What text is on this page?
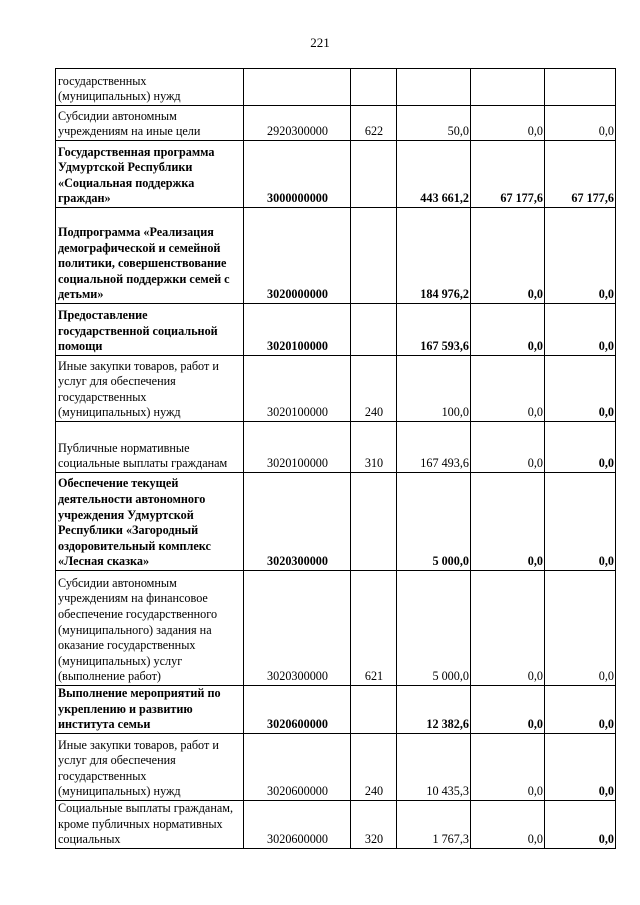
221
государственных (муниципальных) нужд					
Субсидии автономным учреждениям на иные цели	2920300000	622	50,0	0,0	0,0
Государственная программа Удмуртской Республики «Социальная поддержка граждан»	3000000000		443 661,2	67 177,6	67 177,6
Подпрограмма «Реализация демографической и семейной политики, совершенствование социальной поддержки семей с детьми»	3020000000		184 976,2	0,0	0,0
Предоставление государственной социальной помощи	3020100000		167 593,6	0,0	0,0
Иные закупки товаров, работ и услуг для обеспечения государственных (муниципальных) нужд	3020100000	240	100,0	0,0	0,0
Публичные нормативные социальные выплаты гражданам	3020100000	310	167 493,6	0,0	0,0
Обеспечение текущей деятельности автономного учреждения Удмуртской Республики «Загородный оздоровительный комплекс «Лесная сказка»	3020300000		5 000,0	0,0	0,0
Субсидии автономным учреждениям на финансовое обеспечение государственного (муниципального) задания на оказание государственных (муниципальных) услуг (выполнение работ)	3020300000	621	5 000,0	0,0	0,0
Выполнение мероприятий по укреплению и развитию института семьи	3020600000		12 382,6	0,0	0,0
Иные закупки товаров, работ и услуг для обеспечения государственных (муниципальных) нужд	3020600000	240	10 435,3	0,0	0,0
Социальные выплаты гражданам, кроме публичных нормативных социальных	3020600000	320	1 767,3	0,0	0,0
